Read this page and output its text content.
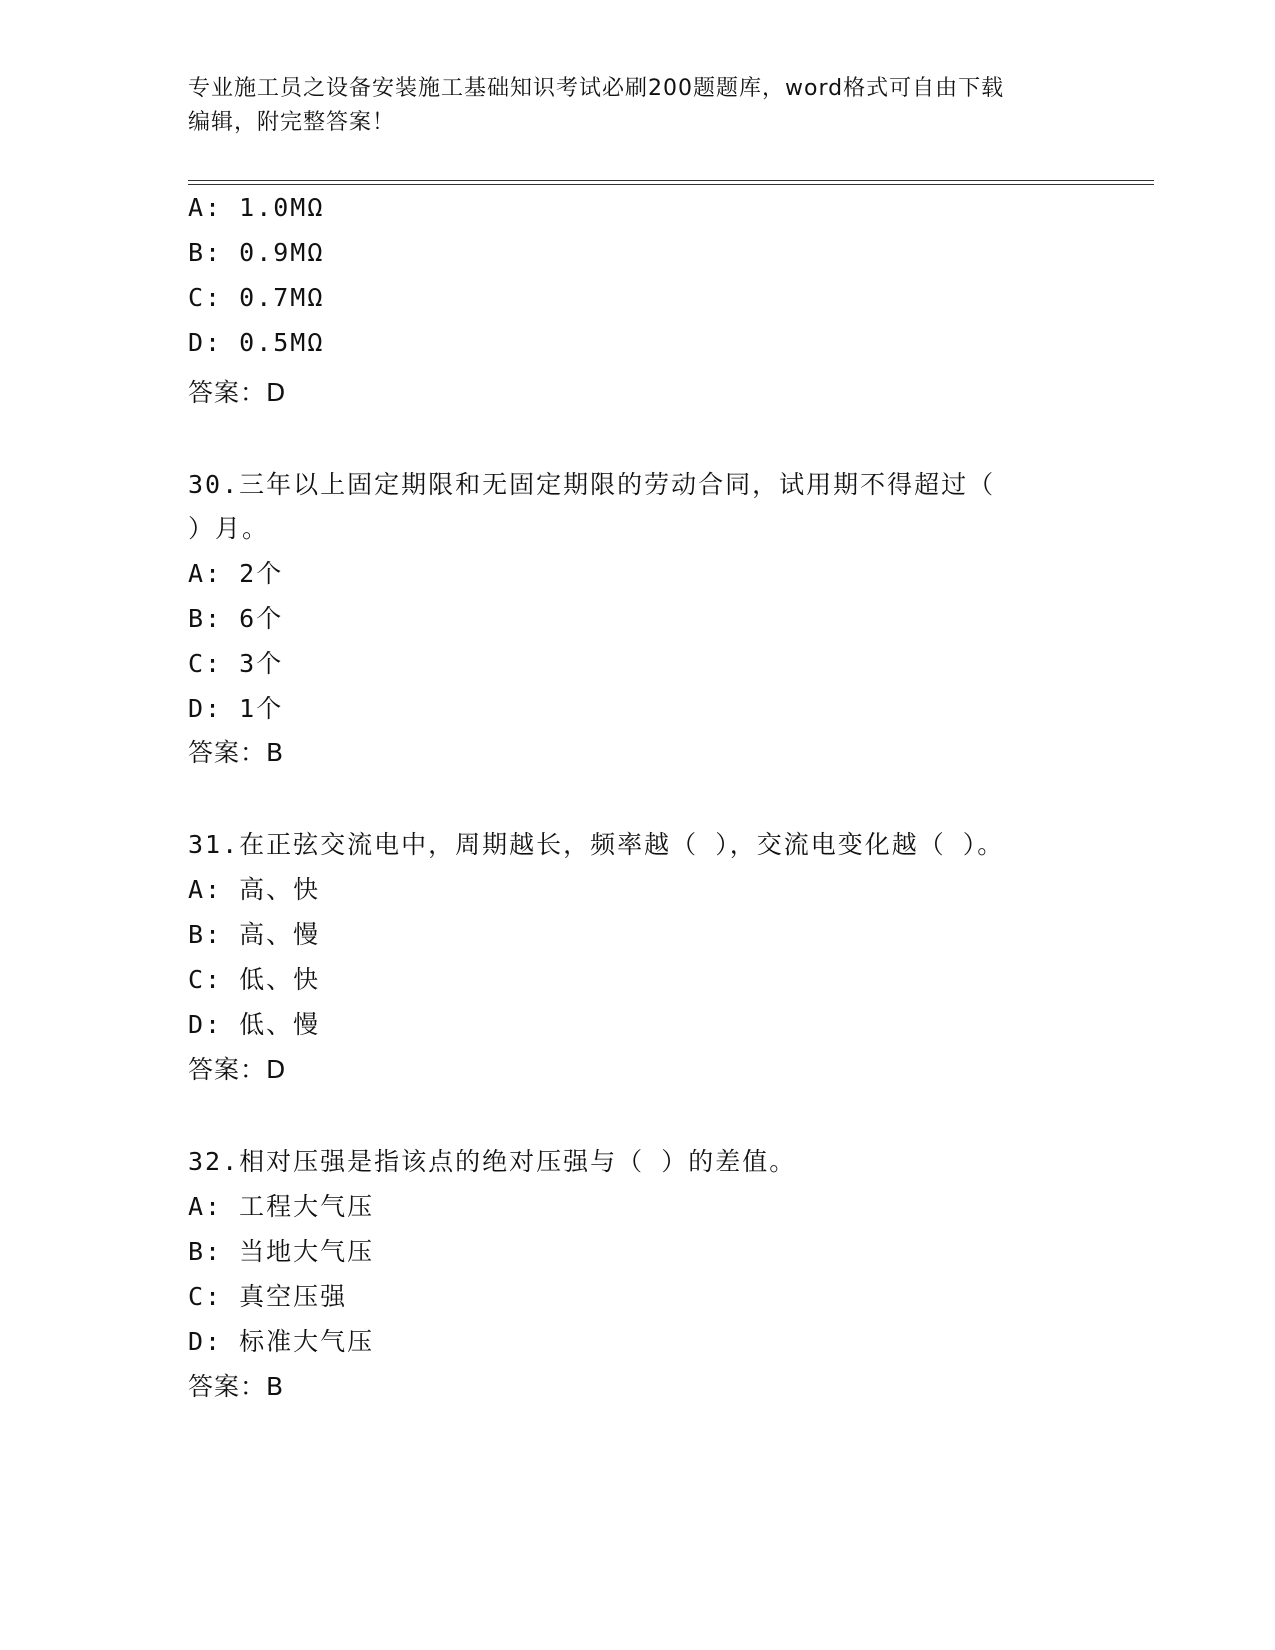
专业施工员之设备安装施工基础知识考试必刷200题题库，word格式可自由下载
编辑，附完整答案！
A: 1.0MΩ
B: 0.9MΩ
C: 0.7MΩ
D: 0.5MΩ
答案：D
30.三年以上固定期限和无固定期限的劳动合同，试用期不得超过（
）月。
A: 2个
B: 6个
C: 3个
D: 1个
答案：B
31.在正弦交流电中，周期越长，频率越（ ），交流电变化越（ ）。
A: 高、快
B: 高、慢
C: 低、快
D: 低、慢
答案：D
32.相对压强是指该点的绝对压强与（ ）的差值。
A: 工程大气压
B: 当地大气压
C: 真空压强
D: 标准大气压
答案：B
